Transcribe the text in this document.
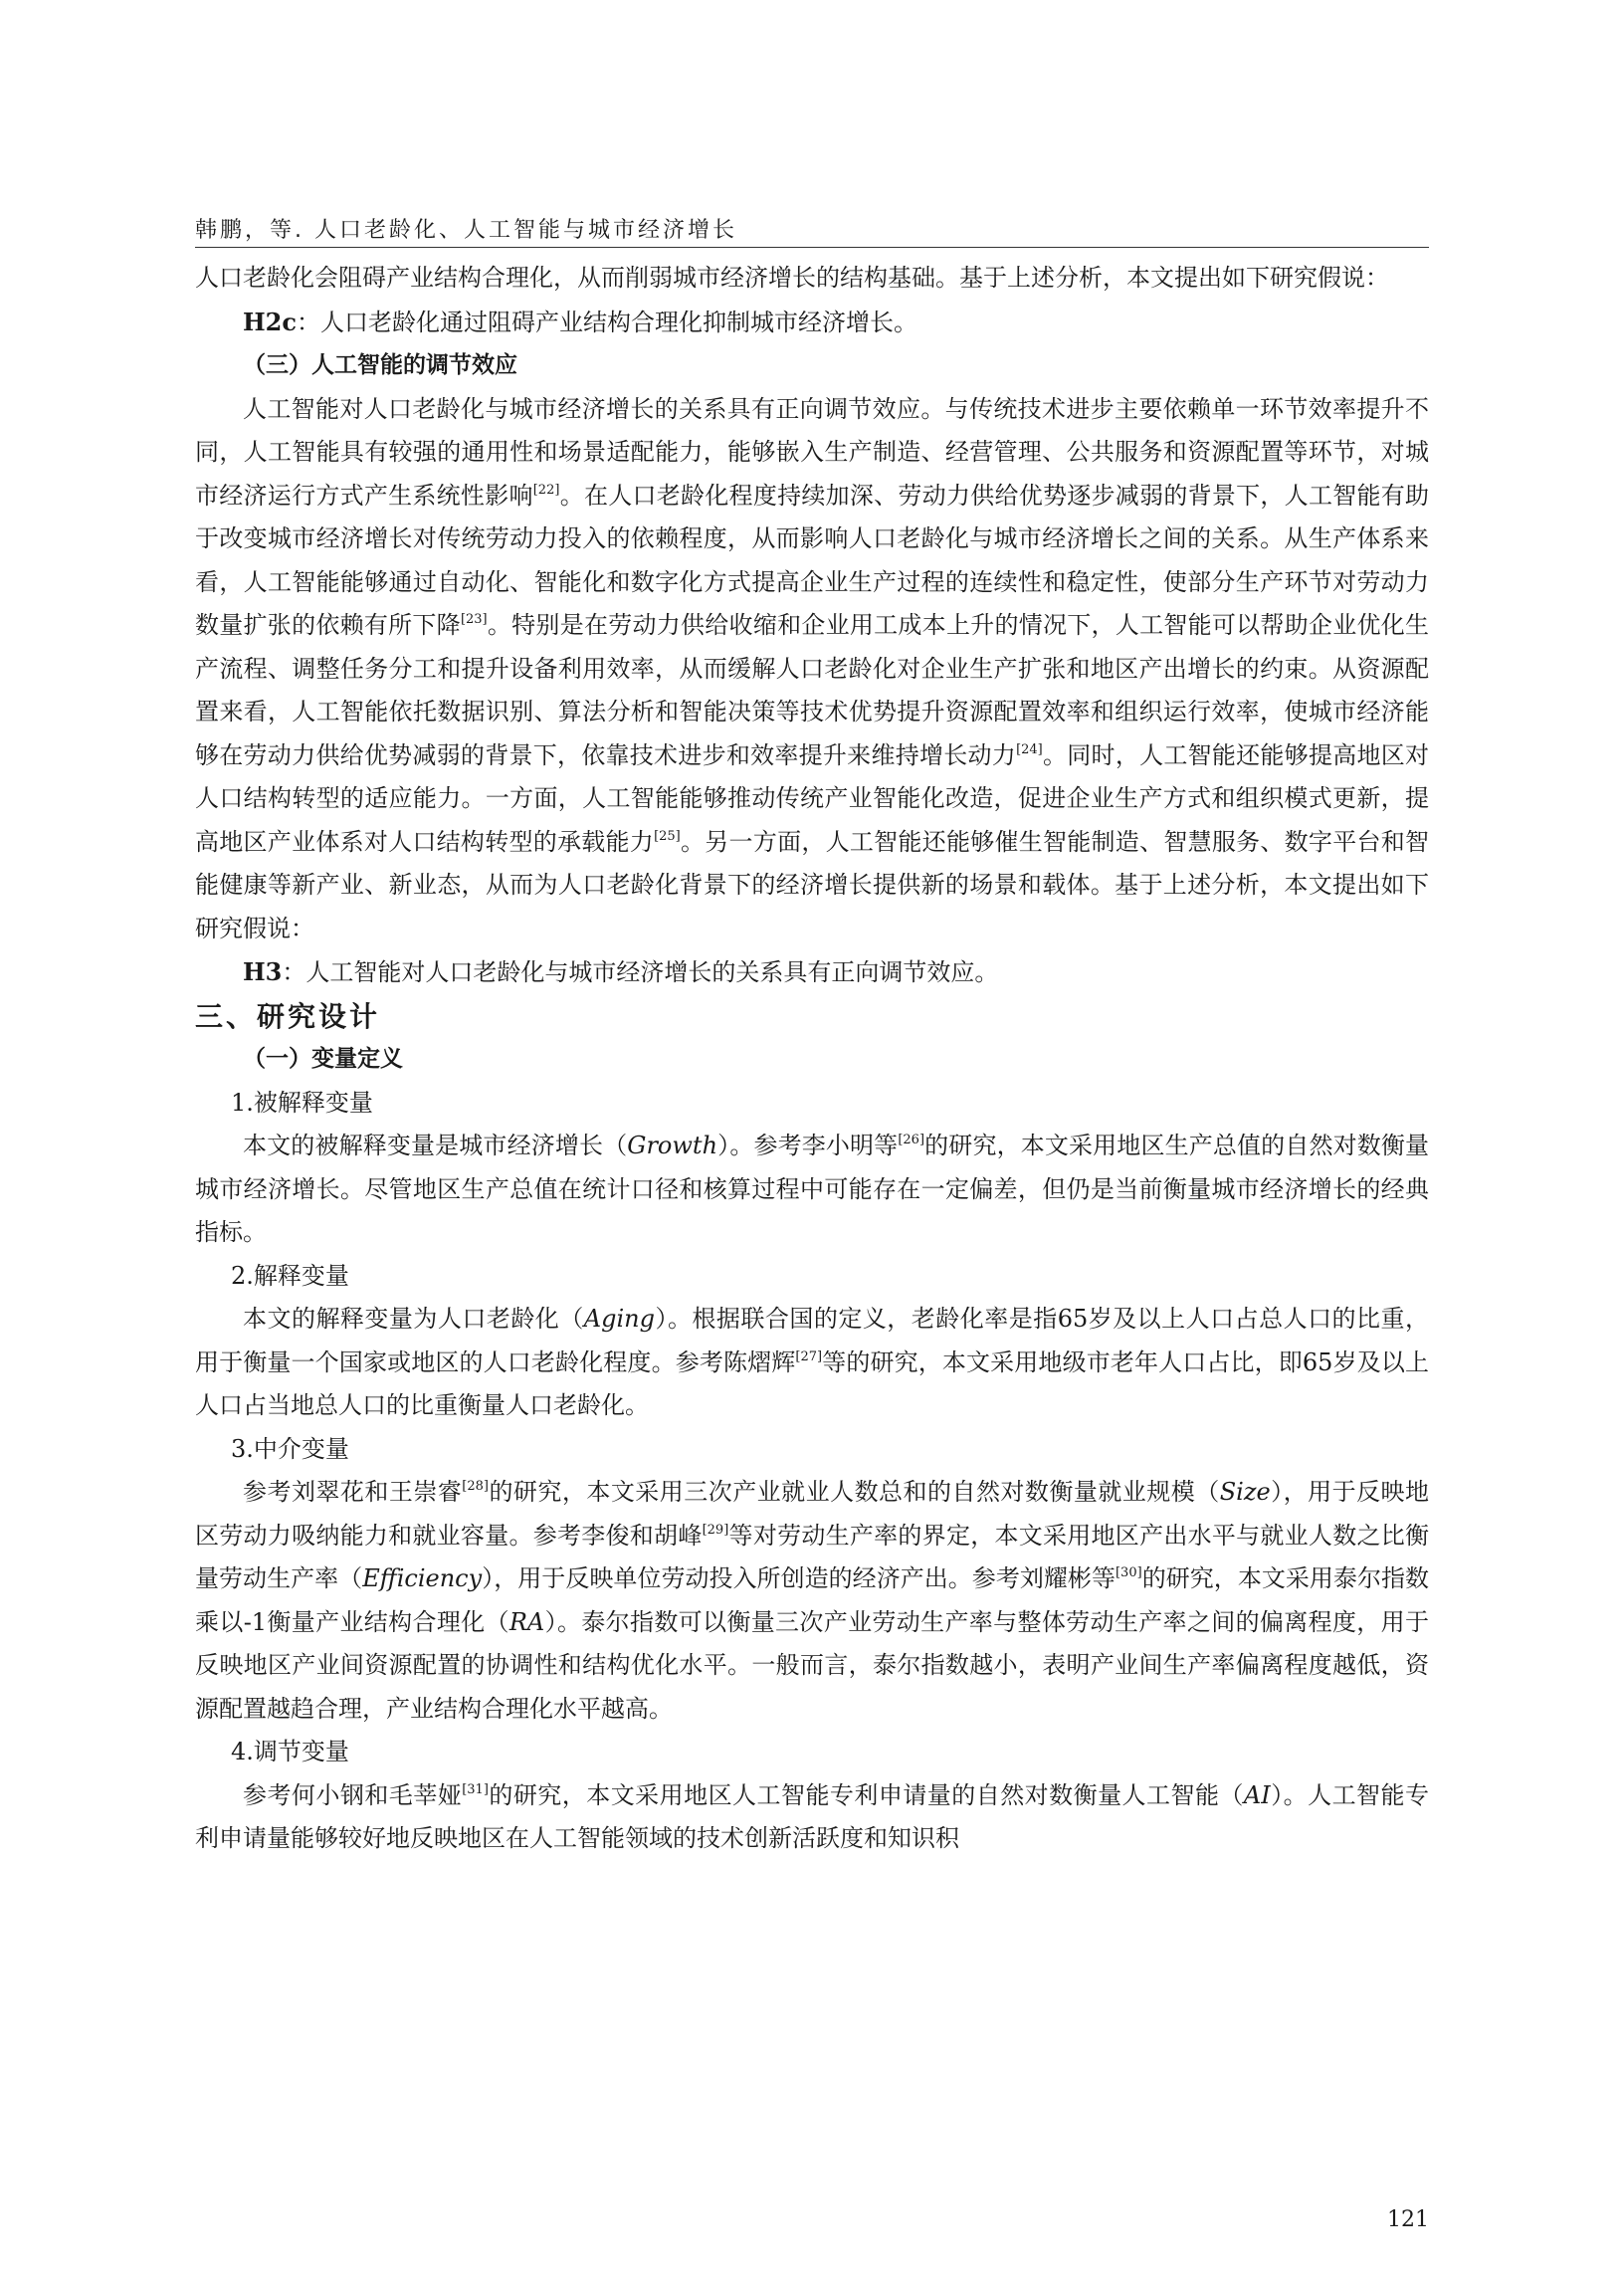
韩鹏，等. 人口老龄化、人工智能与城市经济增长

人口老龄化会阻碍产业结构合理化，从而削弱城市经济增长的结构基础。基于上述分析，本文提出如下研究假说：

H2c：人口老龄化通过阻碍产业结构合理化抑制城市经济增长。

（三）人工智能的调节效应

人工智能对人口老龄化与城市经济增长的关系具有正向调节效应。与传统技术进步主要依赖单一环节效率提升不同，人工智能具有较强的通用性和场景适配能力，能够嵌入生产制造、经营管理、公共服务和资源配置等环节，对城市经济运行方式产生系统性影响[22]。在人口老龄化程度持续加深、劳动力供给优势逐步减弱的背景下，人工智能有助于改变城市经济增长对传统劳动力投入的依赖程度，从而影响人口老龄化与城市经济增长之间的关系。从生产体系来看，人工智能能够通过自动化、智能化和数字化方式提高企业生产过程的连续性和稳定性，使部分生产环节对劳动力数量扩张的依赖有所下降[23]。特别是在劳动力供给收缩和企业用工成本上升的情况下，人工智能可以帮助企业优化生产流程、调整任务分工和提升设备利用效率，从而缓解人口老龄化对企业生产扩张和地区产出增长的约束。从资源配置来看，人工智能依托数据识别、算法分析和智能决策等技术优势提升资源配置效率和组织运行效率，使城市经济能够在劳动力供给优势减弱的背景下，依靠技术进步和效率提升来维持增长动力[24]。同时，人工智能还能够提高地区对人口结构转型的适应能力。一方面，人工智能能够推动传统产业智能化改造，促进企业生产方式和组织模式更新，提高地区产业体系对人口结构转型的承载能力[25]。另一方面，人工智能还能够催生智能制造、智慧服务、数字平台和智能健康等新产业、新业态，从而为人口老龄化背景下的经济增长提供新的场景和载体。基于上述分析，本文提出如下研究假说：

H3：人工智能对人口老龄化与城市经济增长的关系具有正向调节效应。

三、研究设计

（一）变量定义

1.被解释变量

本文的被解释变量是城市经济增长（Growth）。参考李小明等[26]的研究，本文采用地区生产总值的自然对数衡量城市经济增长。尽管地区生产总值在统计口径和核算过程中可能存在一定偏差，但仍是当前衡量城市经济增长的经典指标。

2.解释变量

本文的解释变量为人口老龄化（Aging）。根据联合国的定义，老龄化率是指65岁及以上人口占总人口的比重，用于衡量一个国家或地区的人口老龄化程度。参考陈熠辉[27]等的研究，本文采用地级市老年人口占比，即65岁及以上人口占当地总人口的比重衡量人口老龄化。

3.中介变量

参考刘翠花和王崇睿[28]的研究，本文采用三次产业就业人数总和的自然对数衡量就业规模（Size），用于反映地区劳动力吸纳能力和就业容量。参考李俊和胡峰[29]等对劳动生产率的界定，本文采用地区产出水平与就业人数之比衡量劳动生产率（Efficiency），用于反映单位劳动投入所创造的经济产出。参考刘耀彬等[30]的研究，本文采用泰尔指数乘以-1衡量产业结构合理化（RA）。泰尔指数可以衡量三次产业劳动生产率与整体劳动生产率之间的偏离程度，用于反映地区产业间资源配置的协调性和结构优化水平。一般而言，泰尔指数越小，表明产业间生产率偏离程度越低，资源配置越趋合理，产业结构合理化水平越高。

4.调节变量

参考何小钢和毛莘娅[31]的研究，本文采用地区人工智能专利申请量的自然对数衡量人工智能（AI）。人工智能专利申请量能够较好地反映地区在人工智能领域的技术创新活跃度和知识积

121
